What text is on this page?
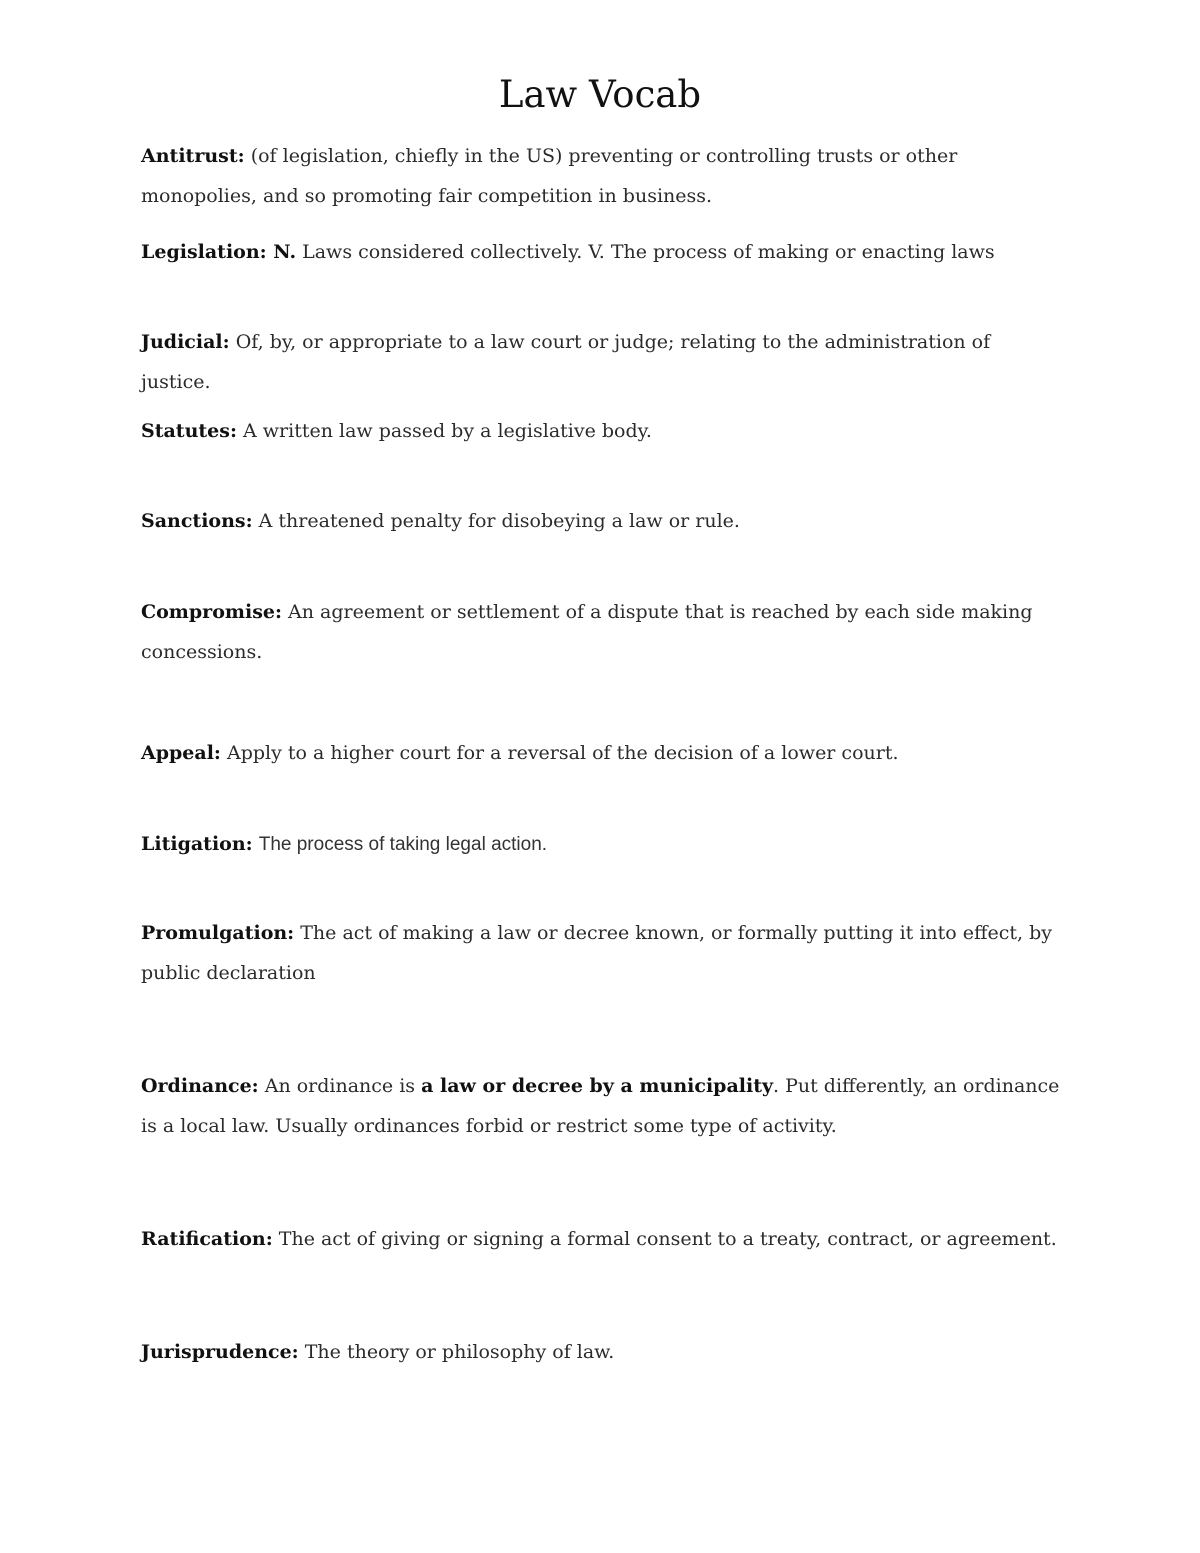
Law Vocab

Antitrust: (of legislation, chiefly in the US) preventing or controlling trusts or other monopolies, and so promoting fair competition in business.

Legislation: N. Laws considered collectively. V. The process of making or enacting laws

Judicial: Of, by, or appropriate to a law court or judge; relating to the administration of justice.

Statutes: A written law passed by a legislative body.

Sanctions: A threatened penalty for disobeying a law or rule.

Compromise: An agreement or settlement of a dispute that is reached by each side making concessions.

Appeal: Apply to a higher court for a reversal of the decision of a lower court.

Litigation: The process of taking legal action.

Promulgation: The act of making a law or decree known, or formally putting it into effect, by public declaration

Ordinance: An ordinance is a law or decree by a municipality. Put differently, an ordinance is a local law. Usually ordinances forbid or restrict some type of activity.

Ratification: The act of giving or signing a formal consent to a treaty, contract, or agreement.

Jurisprudence: The theory or philosophy of law.
